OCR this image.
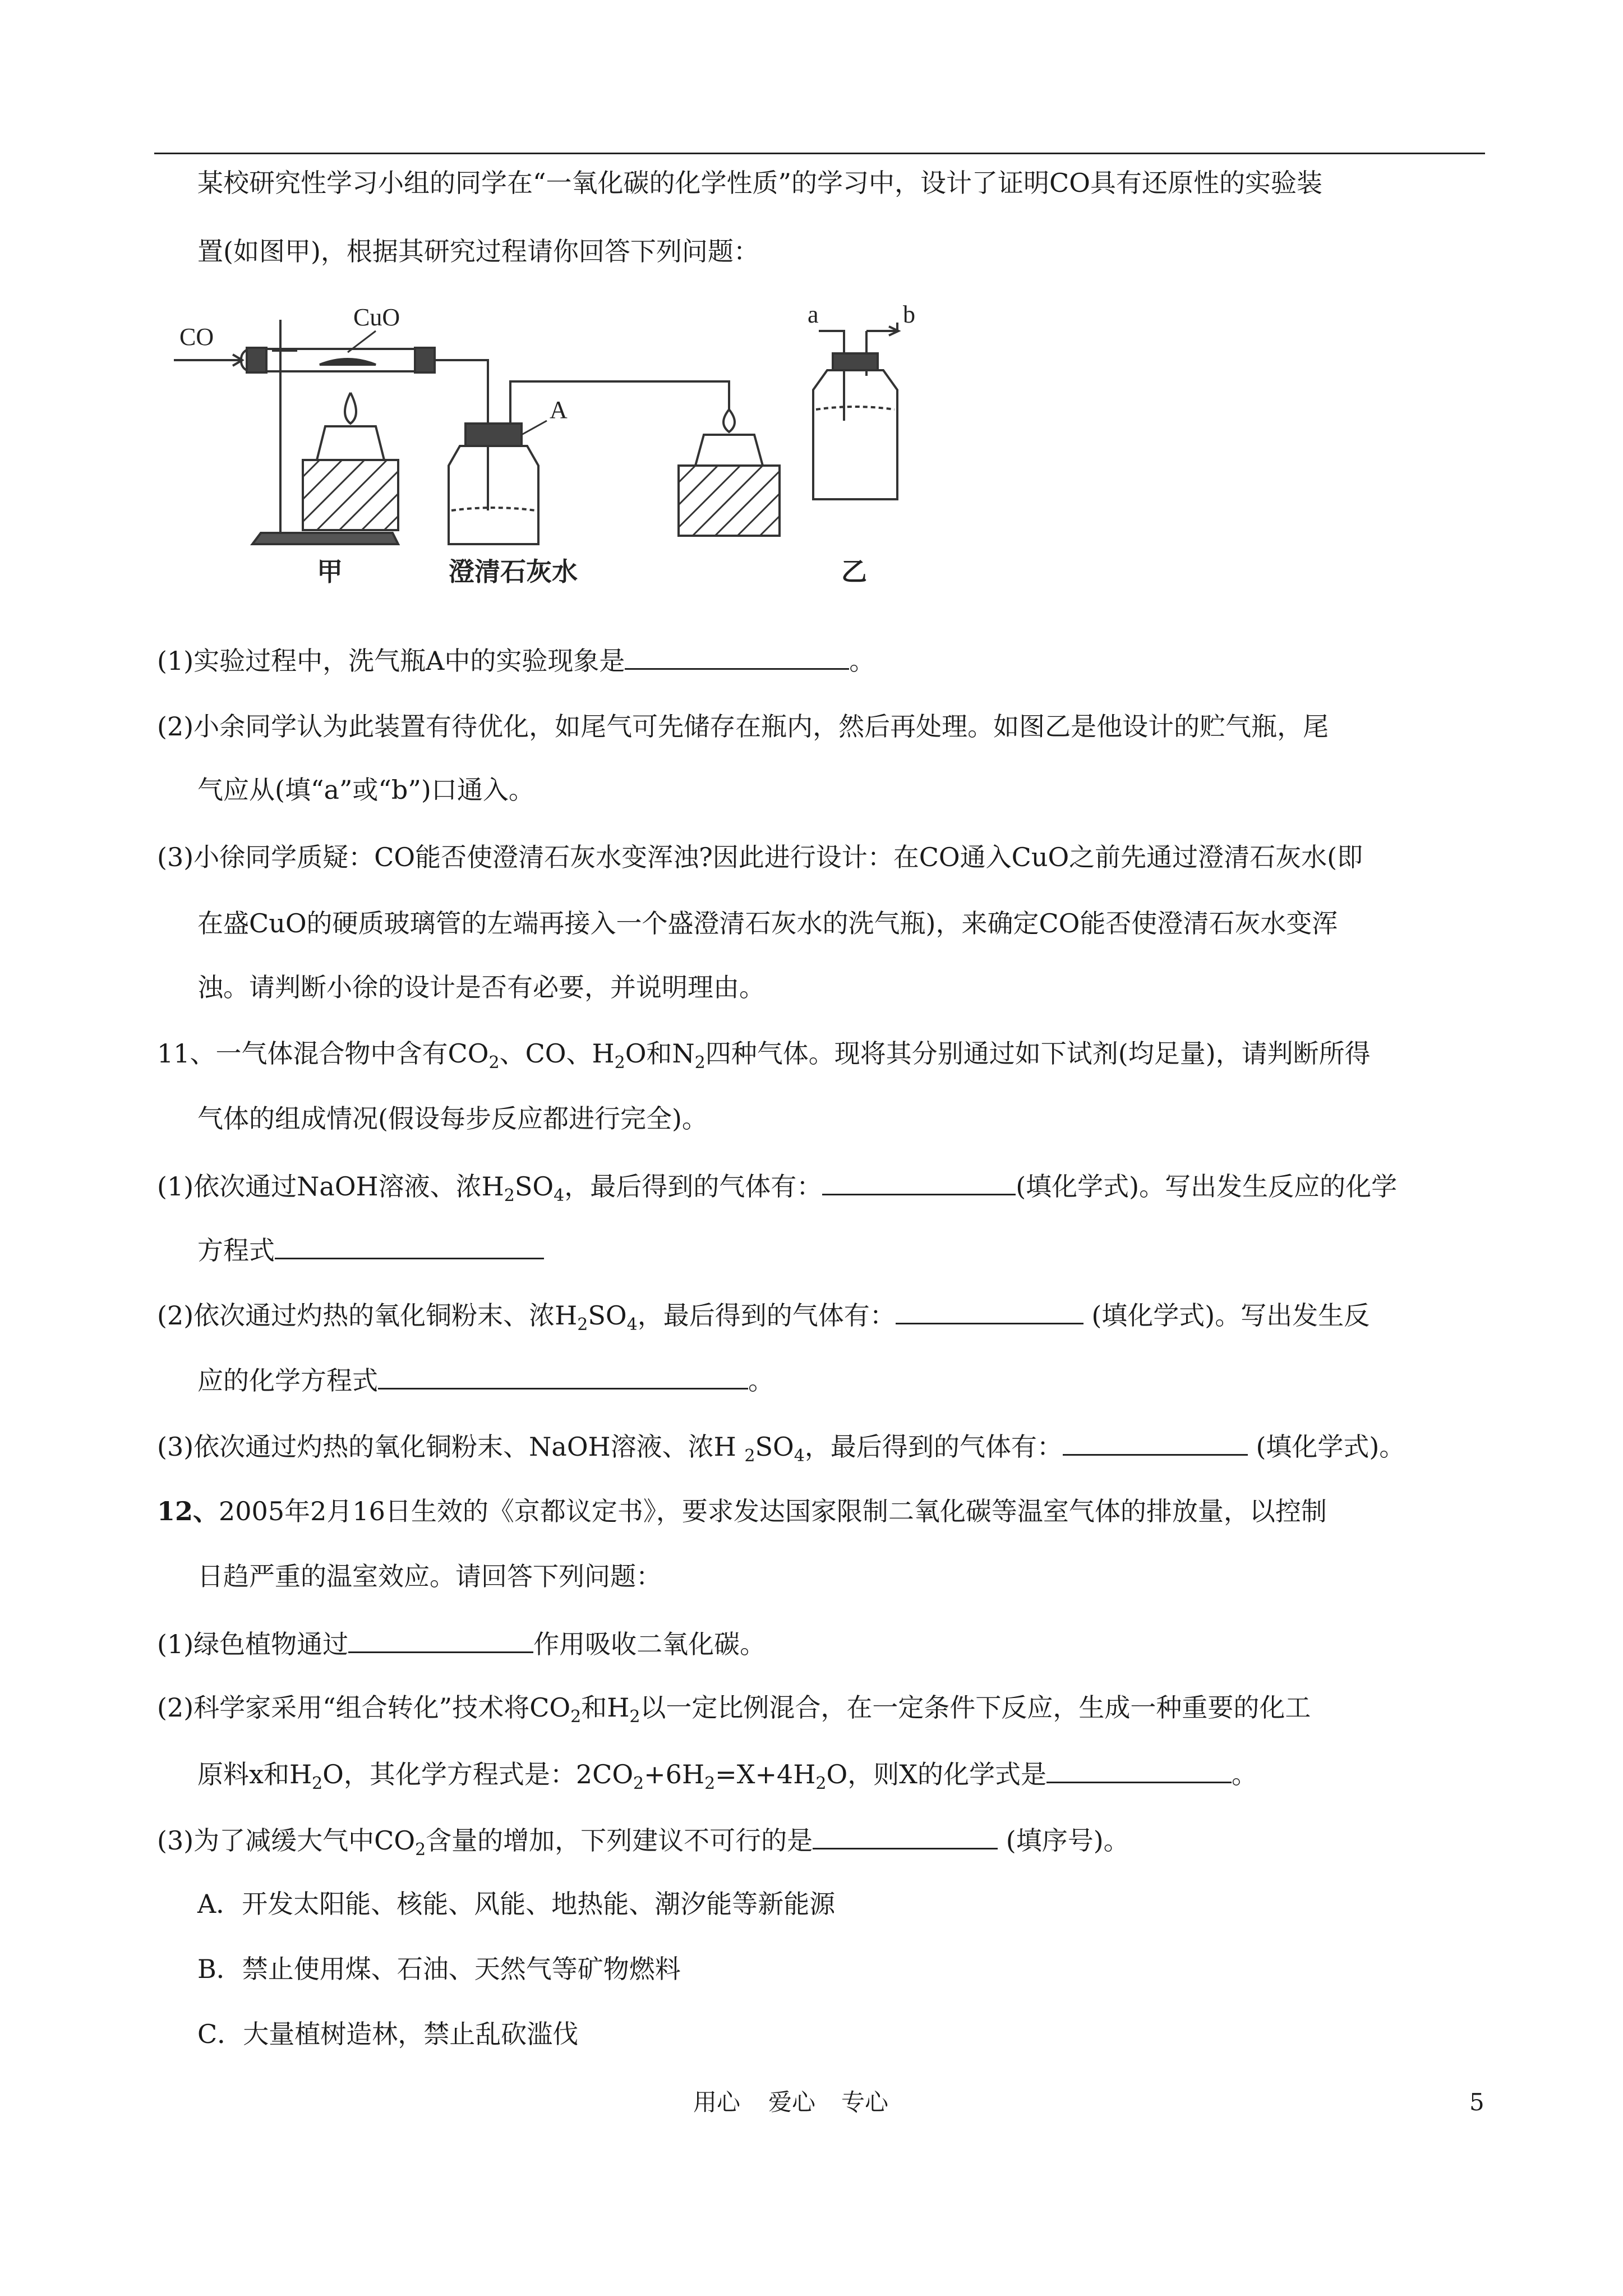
某校研究性学习小组的同学在“一氧化碳的化学性质”的学习中，设计了证明CO具有还原性的实验装
置(如图甲)，根据其研究过程请你回答下列问题：
CO
CuO
A
a	b
甲	澄清石灰水	乙
(1)实验过程中，洗气瓶A中的实验现象是	。
(2)小余同学认为此装置有待优化，如尾气可先储存在瓶内，然后再处理。如图乙是他设计的贮气瓶，尾
气应从(填“a”或“b”)口通入。
(3)小徐同学质疑：CO能否使澄清石灰水变浑浊?因此进行设计：在CO通入CuO之前先通过澄清石灰水(即
在盛CuO的硬质玻璃管的左端再接入一个盛澄清石灰水的洗气瓶)，来确定CO能否使澄清石灰水变浑
浊。请判断小徐的设计是否有必要，并说明理由。
11、一气体混合物中含有$CO_2$、CO、$H_2O$和$N_2$四种气体。现将其分别通过如下试剂(均足量)，请判断所得
气体的组成情况(假设每步反应都进行完全)。
(1)依次通过NaOH溶液、浓$H_2SO_4$，最后得到的气体有：	(填化学式)。写出发生反应的化学
方程式
(2)依次通过灼热的氧化铜粉末、浓$H_2SO_4$，最后得到的气体有：	(填化学式)。写出发生反
应的化学方程式	。
(3)依次通过灼热的氧化铜粉末、NaOH溶液、浓H $_2SO_4$，最后得到的气体有：	(填化学式)。
12、2005年2月16日生效的《京都议定书》，要求发达国家限制二氧化碳等温室气体的排放量，以控制
日趋严重的温室效应。请回答下列问题：
(1)绿色植物通过	作用吸收二氧化碳。
(2)科学家采用“组合转化”技术将$CO_2$和$H_2$以一定比例混合，在一定条件下反应，生成一种重要的化工
原料x和$H_2O$，其化学方程式是：$2CO_2+6H_2=X+4H_2O$，则X的化学式是	。
(3)为了减缓大气中$CO_2$含量的增加，下列建议不可行的是	(填序号)。
A．开发太阳能、核能、风能、地热能、潮汐能等新能源
B．禁止使用煤、石油、天然气等矿物燃料
C．大量植树造林，禁止乱砍滥伐
用心 爱心 专心	5
